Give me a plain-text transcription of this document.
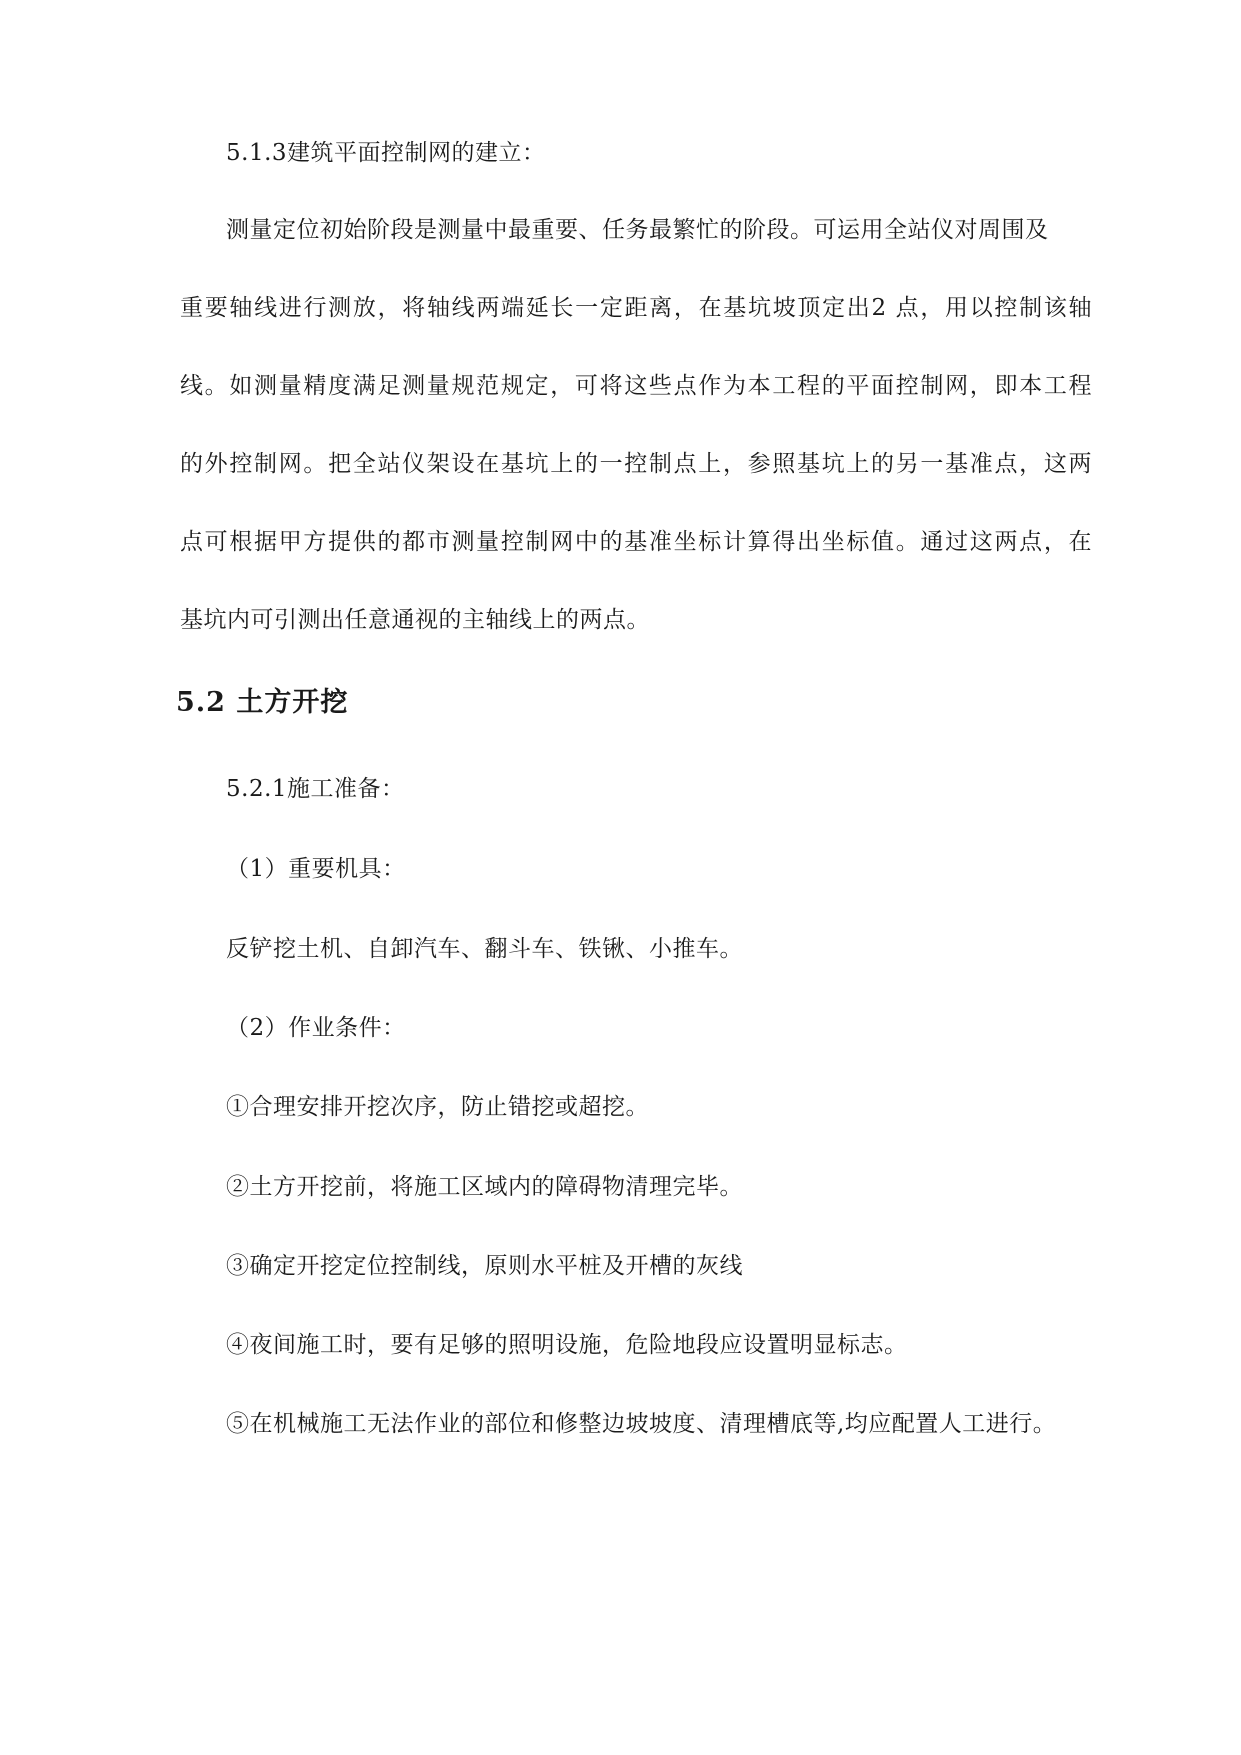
5.1.3建筑平面控制网的建立：
测量定位初始阶段是测量中最重要、任务最繁忙的阶段。可运用全站仪对周围及
重要轴线进行测放，将轴线两端延长一定距离，在基坑坡顶定出2 点，用以控制该轴
线。如测量精度满足测量规范规定，可将这些点作为本工程的平面控制网，即本工程
的外控制网。把全站仪架设在基坑上的一控制点上，参照基坑上的另一基准点，这两
点可根据甲方提供的都市测量控制网中的基准坐标计算得出坐标值。通过这两点，在
基坑内可引测出任意通视的主轴线上的两点。
5.2 土方开挖
5.2.1施工准备：
（1）重要机具：
反铲挖土机、自卸汽车、翻斗车、铁锹、小推车。
（2）作业条件：
①合理安排开挖次序，防止错挖或超挖。
②土方开挖前，将施工区域内的障碍物清理完毕。
③确定开挖定位控制线，原则水平桩及开槽的灰线
④夜间施工时，要有足够的照明设施，危险地段应设置明显标志。
⑤在机械施工无法作业的部位和修整边坡坡度、清理槽底等,均应配置人工进行。
